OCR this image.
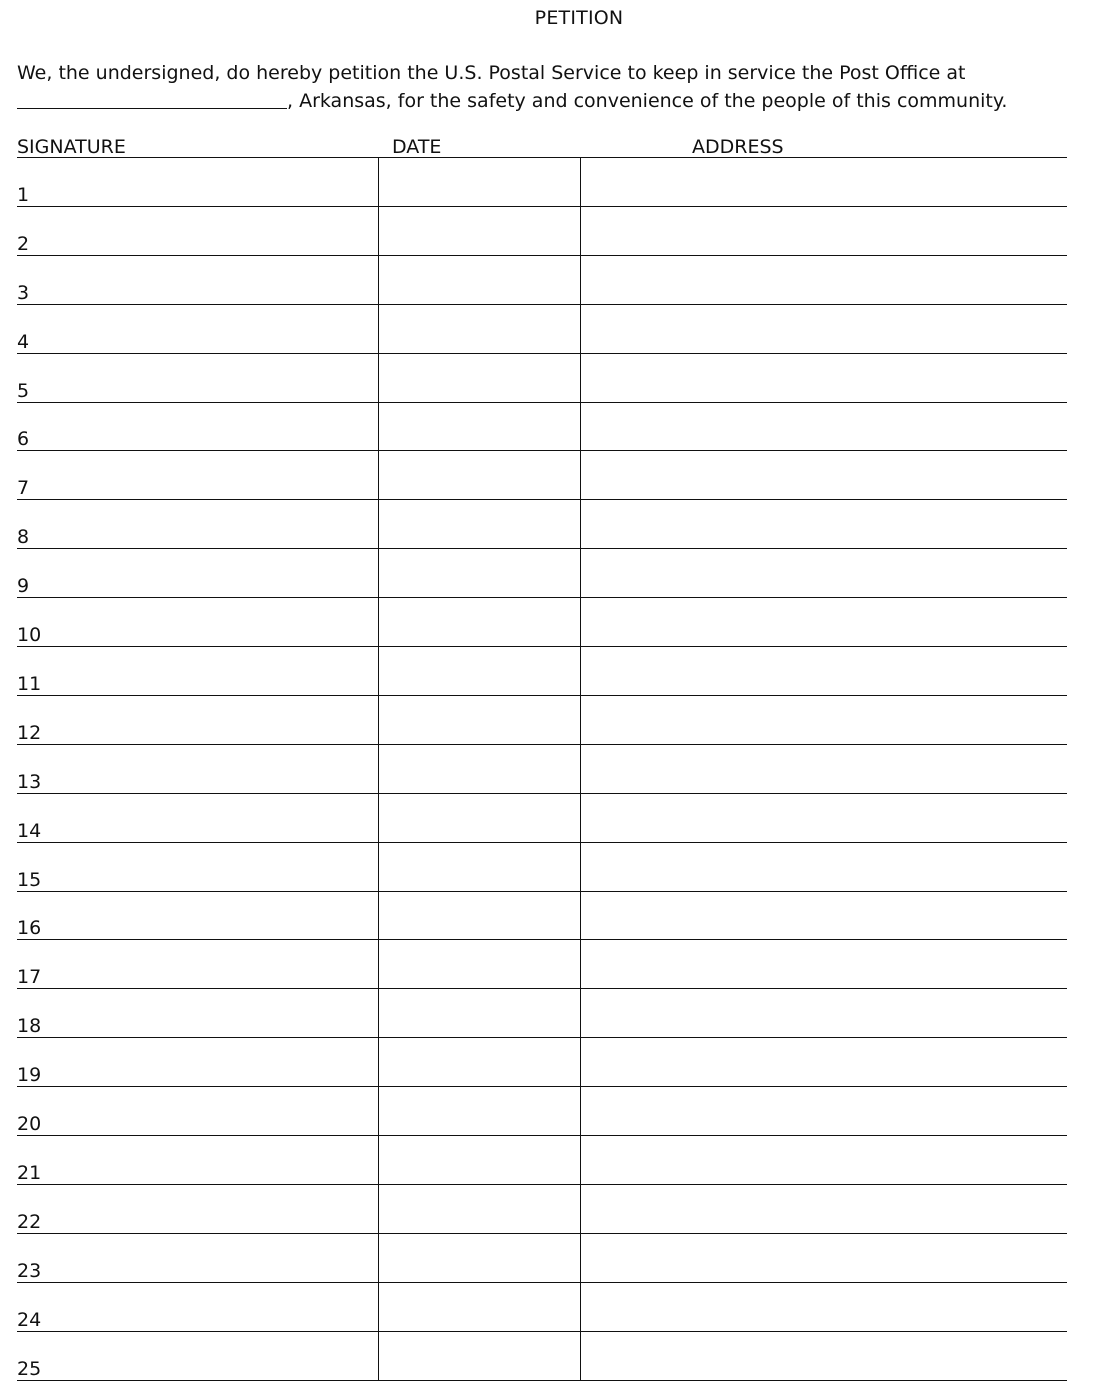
PETITION
We, the undersigned, do hereby petition the U.S. Postal Service to keep in service the Post Office at
, Arkansas, for the safety and convenience of the people of this community.
SIGNATURE	DATE	ADDRESS
1
2
3
4
5
6
7
8
9
10
11
12
13
14
15
16
17
18
19
20
21
22
23
24
25
